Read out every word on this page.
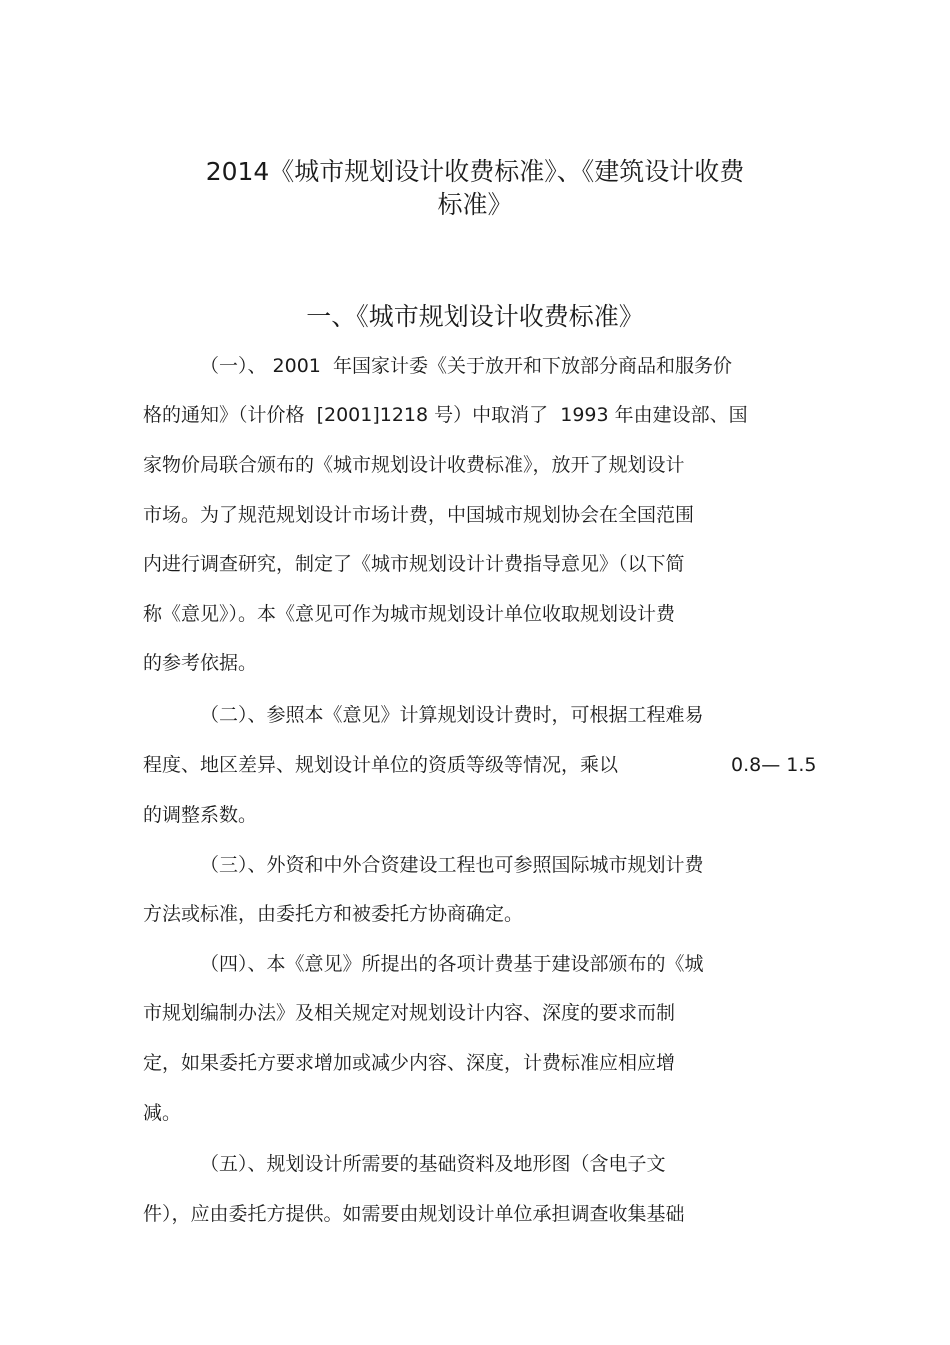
2014《城市规划设计收费标准》、《建筑设计收费
标准》
一、《城市规划设计收费标准》
（一）、 2001  年国家计委《关于放开和下放部分商品和服务价
格的通知》（计价格  [2001]1218 号）中取消了  1993 年由建设部、国
家物价局联合颁布的《城市规划设计收费标准》，放开了规划设计
市场。为了规范规划设计市场计费，中国城市规划协会在全国范围
内进行调查研究，制定了《城市规划设计计费指导意见》（以下简
称《意见》）。本《意见可作为城市规划设计单位收取规划设计费
的参考依据。
（二）、参照本《意见》计算规划设计费时，可根据工程难易
程度、地区差异、规划设计单位的资质等级等情况，乘以	0.8— 1.5
的调整系数。
（三）、外资和中外合资建设工程也可参照国际城市规划计费
方法或标准，由委托方和被委托方协商确定。
（四）、本《意见》所提出的各项计费基于建设部颁布的《城
市规划编制办法》及相关规定对规划设计内容、深度的要求而制
定，如果委托方要求增加或减少内容、深度，计费标准应相应增
减。
（五）、规划设计所需要的基础资料及地形图（含电子文
件），应由委托方提供。如需要由规划设计单位承担调查收集基础
